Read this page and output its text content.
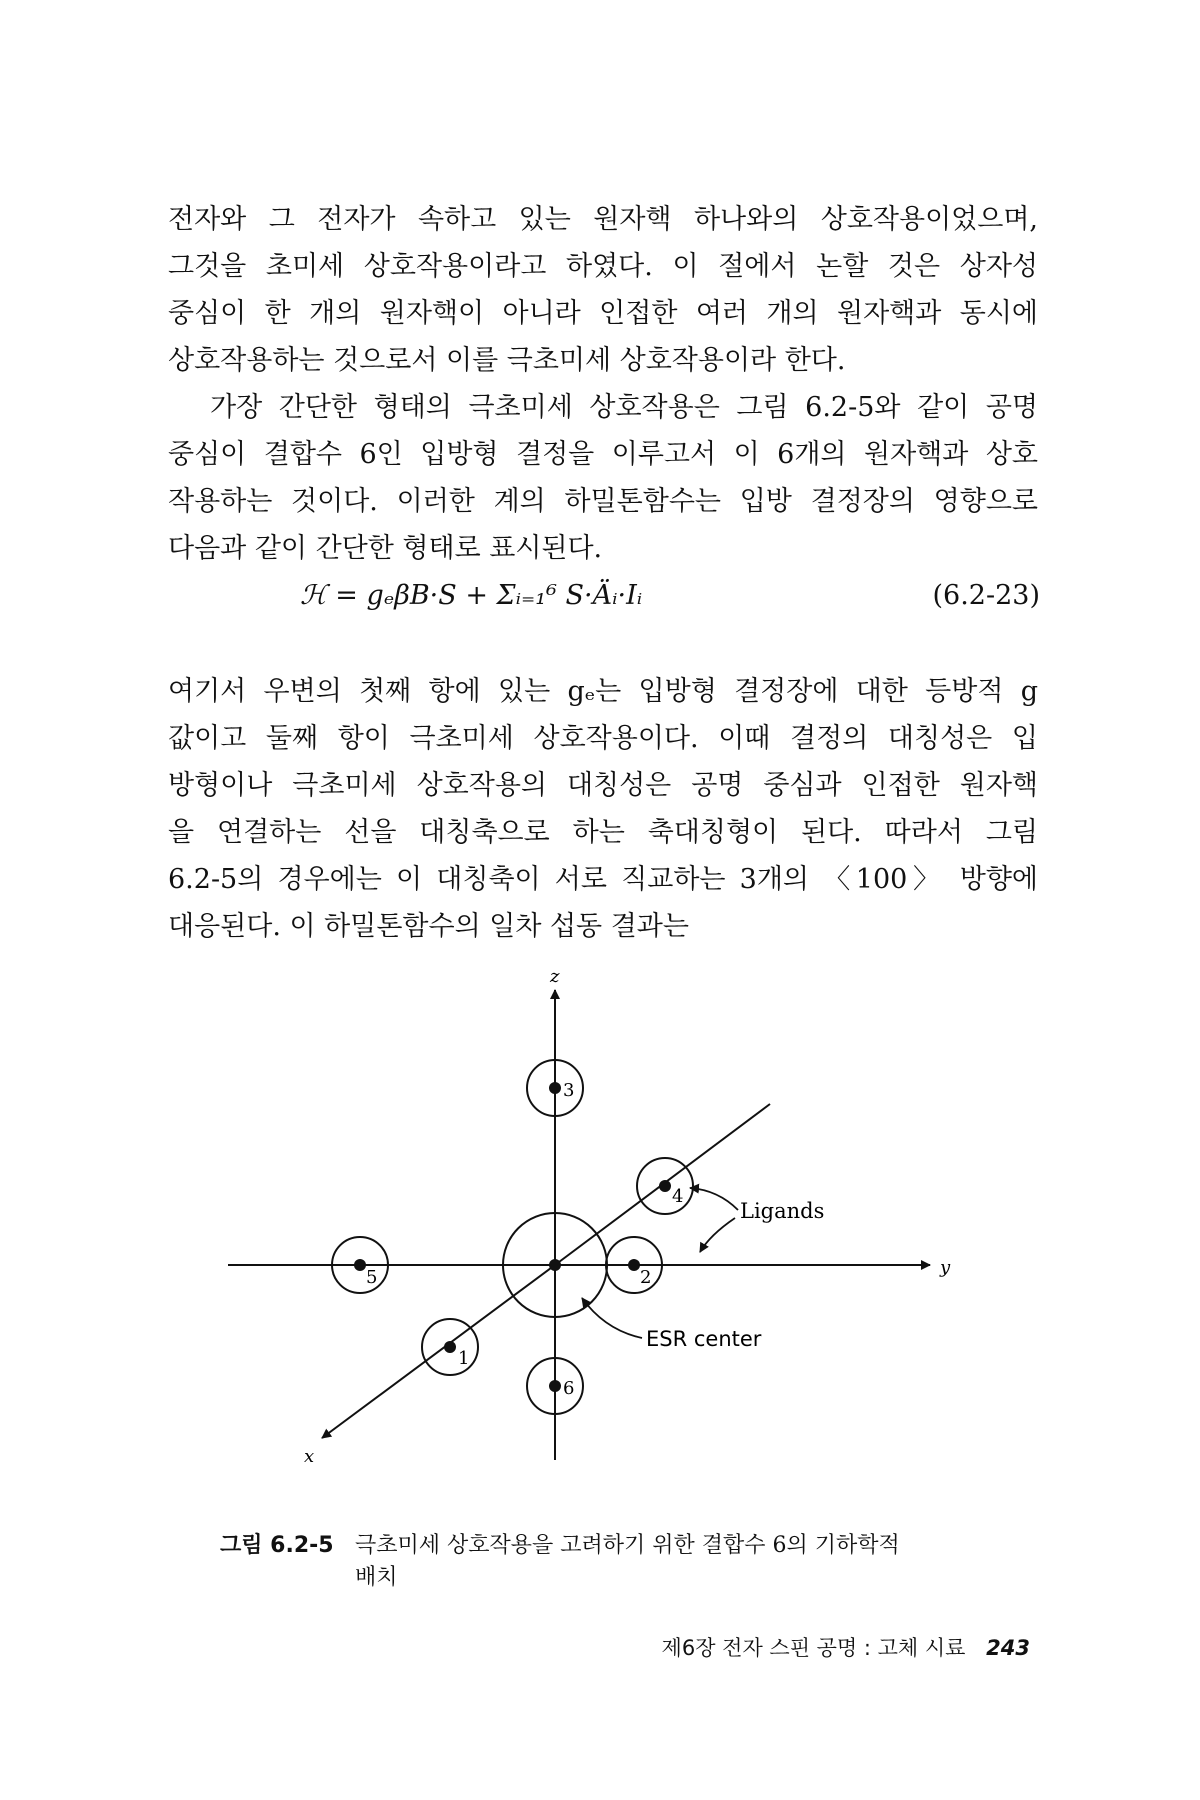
전자와 그 전자가 속하고 있는 원자핵 하나와의 상호작용이었으며,
그것을 초미세 상호작용이라고 하였다. 이 절에서 논할 것은 상자성
중심이 한 개의 원자핵이 아니라 인접한 여러 개의 원자핵과 동시에
상호작용하는 것으로서 이를 극초미세 상호작용이라 한다.
가장 간단한 형태의 극초미세 상호작용은 그림 6.2-5와 같이 공명
중심이 결합수 6인 입방형 결정을 이루고서 이 6개의 원자핵과 상호
작용하는 것이다. 이러한 계의 하밀톤함수는 입방 결정장의 영향으로
다음과 같이 간단한 형태로 표시된다.
ℋ = gₑβB·S + Σᵢ₌₁⁶ S·Äᵢ·Iᵢ	(6.2-23)
여기서 우변의 첫째 항에 있는 gₑ는 입방형 결정장에 대한 등방적 g
값이고 둘째 항이 극초미세 상호작용이다. 이때 결정의 대칭성은 입
방형이나 극초미세 상호작용의 대칭성은 공명 중심과 인접한 원자핵
을 연결하는 선을 대칭축으로 하는 축대칭형이 된다. 따라서 그림
6.2-5의 경우에는 이 대칭축이 서로 직교하는 3개의 〈100〉 방향에
대응된다. 이 하밀톤함수의 일차 섭동 결과는
z
y
x
3
6
5	2
4
1
Ligands
ESR center
그림 6.2-5 극초미세 상호작용을 고려하기 위한 결합수 6의 기하학적 배치
제6장 전자 스핀 공명 : 고체 시료 243
